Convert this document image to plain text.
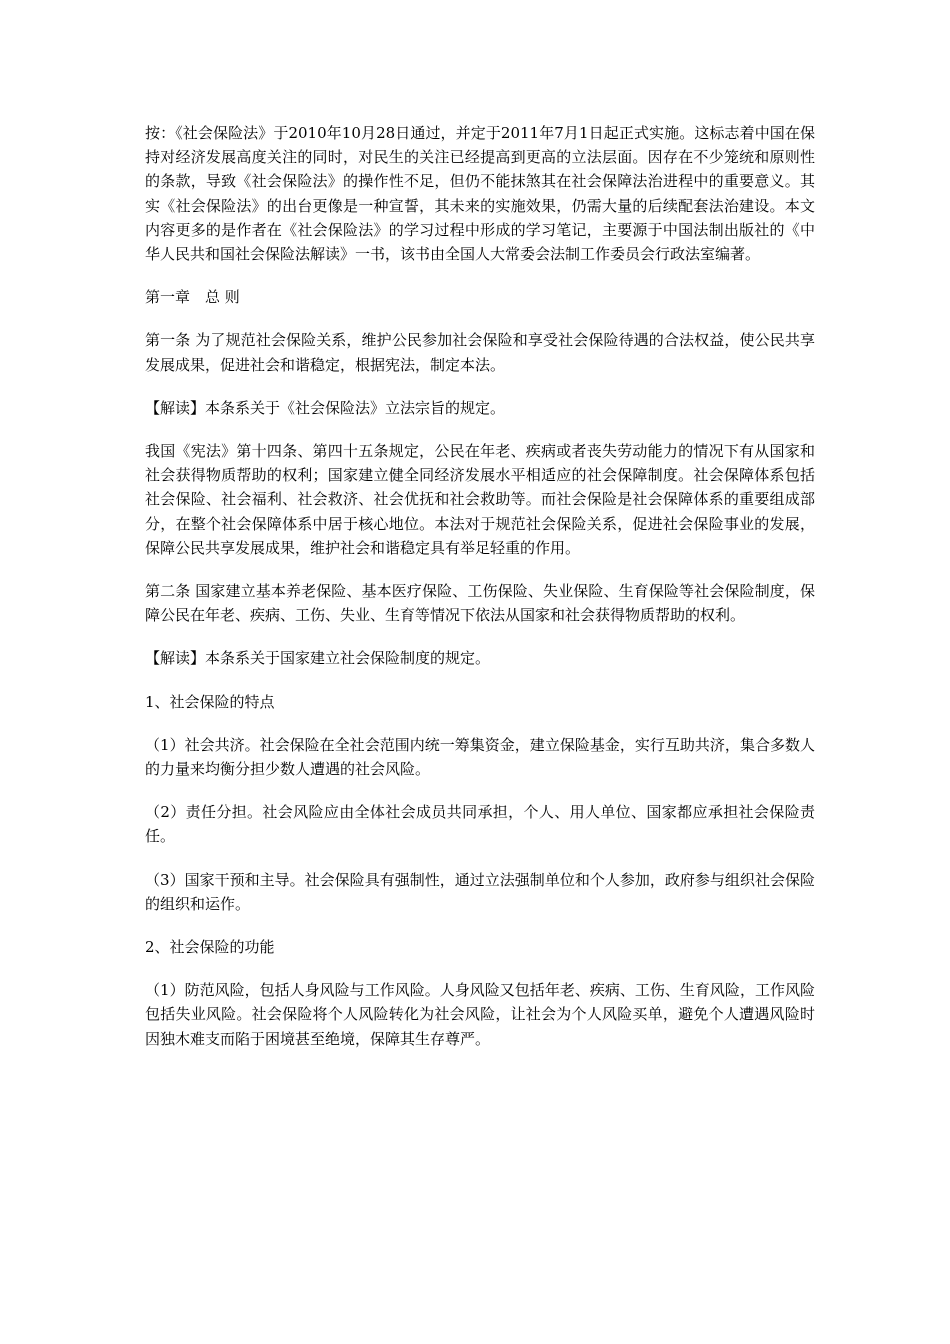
按：《社会保险法》于2010年10月28日通过，并定于2011年7月1日起正式实施。这标志着中国在保持对经济发展高度关注的同时，对民生的关注已经提高到更高的立法层面。因存在不少笼统和原则性的条款，导致《社会保险法》的操作性不足，但仍不能抹煞其在社会保障法治进程中的重要意义。其实《社会保险法》的出台更像是一种宣誓，其未来的实施效果，仍需大量的后续配套法治建设。本文内容更多的是作者在《社会保险法》的学习过程中形成的学习笔记，主要源于中国法制出版社的《中华人民共和国社会保险法解读》一书，该书由全国人大常委会法制工作委员会行政法室编著。

第一章　总 则

第一条 为了规范社会保险关系，维护公民参加社会保险和享受社会保险待遇的合法权益，使公民共享发展成果，促进社会和谐稳定，根据宪法，制定本法。

【解读】本条系关于《社会保险法》立法宗旨的规定。

我国《宪法》第十四条、第四十五条规定，公民在年老、疾病或者丧失劳动能力的情况下有从国家和社会获得物质帮助的权利；国家建立健全同经济发展水平相适应的社会保障制度。社会保障体系包括社会保险、社会福利、社会救济、社会优抚和社会救助等。而社会保险是社会保障体系的重要组成部分，在整个社会保障体系中居于核心地位。本法对于规范社会保险关系，促进社会保险事业的发展，保障公民共享发展成果，维护社会和谐稳定具有举足轻重的作用。

第二条 国家建立基本养老保险、基本医疗保险、工伤保险、失业保险、生育保险等社会保险制度，保障公民在年老、疾病、工伤、失业、生育等情况下依法从国家和社会获得物质帮助的权利。

【解读】本条系关于国家建立社会保险制度的规定。

1、社会保险的特点

（1）社会共济。社会保险在全社会范围内统一筹集资金，建立保险基金，实行互助共济，集合多数人的力量来均衡分担少数人遭遇的社会风险。

（2）责任分担。社会风险应由全体社会成员共同承担，个人、用人单位、国家都应承担社会保险责任。

（3）国家干预和主导。社会保险具有强制性，通过立法强制单位和个人参加，政府参与组织社会保险的组织和运作。

2、社会保险的功能

（1）防范风险，包括人身风险与工作风险。人身风险又包括年老、疾病、工伤、生育风险，工作风险包括失业风险。社会保险将个人风险转化为社会风险，让社会为个人风险买单，避免个人遭遇风险时因独木难支而陷于困境甚至绝境，保障其生存尊严。
